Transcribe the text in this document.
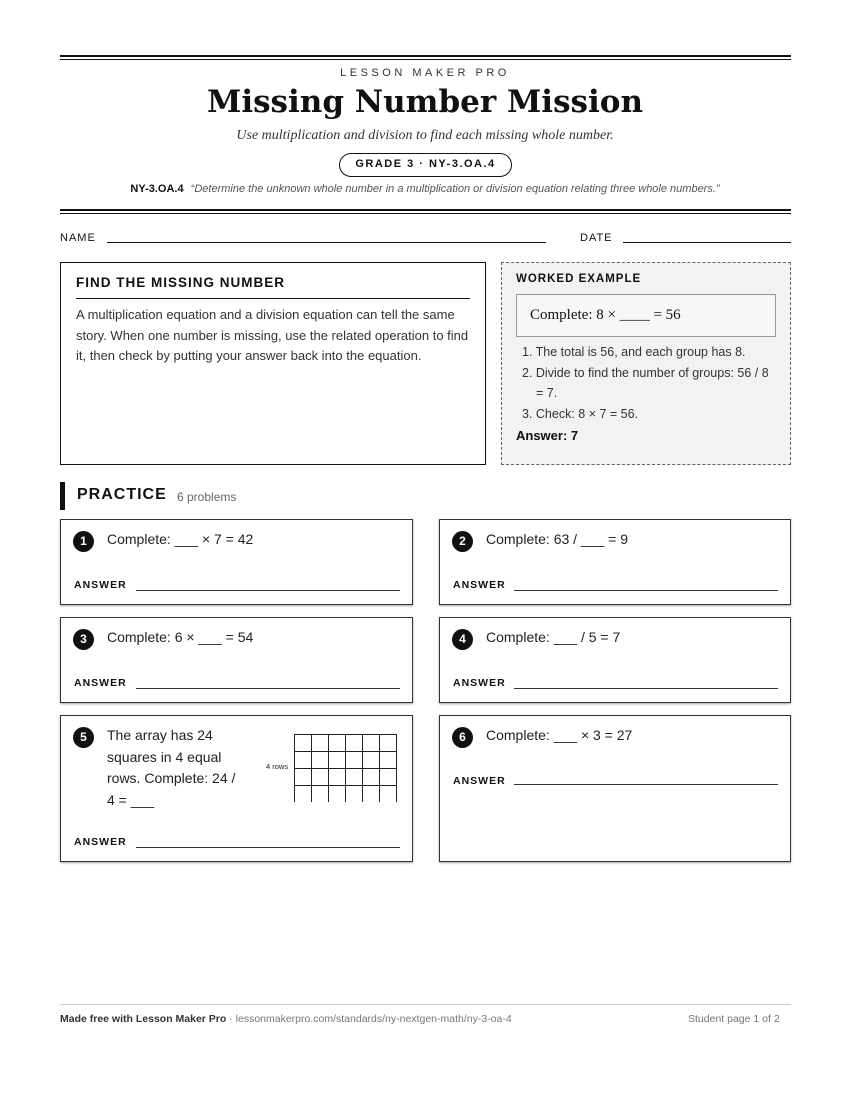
LESSON MAKER PRO
Missing Number Mission
Use multiplication and division to find each missing whole number.
GRADE 3 · NY-3.OA.4
NY-3.OA.4 “Determine the unknown whole number in a multiplication or division equation relating three whole numbers.”
NAME	DATE
FIND THE MISSING NUMBER
A multiplication equation and a division equation can tell the same story. When one number is missing, use the related operation to find it, then check by putting your answer back into the equation.
WORKED EXAMPLE
Complete: 8 × ____ = 56
1. The total is 56, and each group has 8.
2. Divide to find the number of groups: 56 / 8 = 7.
3. Check: 8 × 7 = 56.
Answer: 7
PRACTICE 6 problems
1	Complete: ___ × 7 = 42
ANSWER
2	Complete: 63 / ___ = 9
ANSWER
3	Complete: 6 × ___ = 54
ANSWER
4	Complete: ___ / 5 = 7
ANSWER
5	The array has 24 squares in 4 equal rows. Complete: 24 / 4 = ___
ANSWER
4 rows
6	Complete: ___ × 3 = 27
ANSWER
Made free with Lesson Maker Pro · lessonmakerpro.com/standards/ny-nextgen-math/ny-3-oa-4	Student page 1 of 2
